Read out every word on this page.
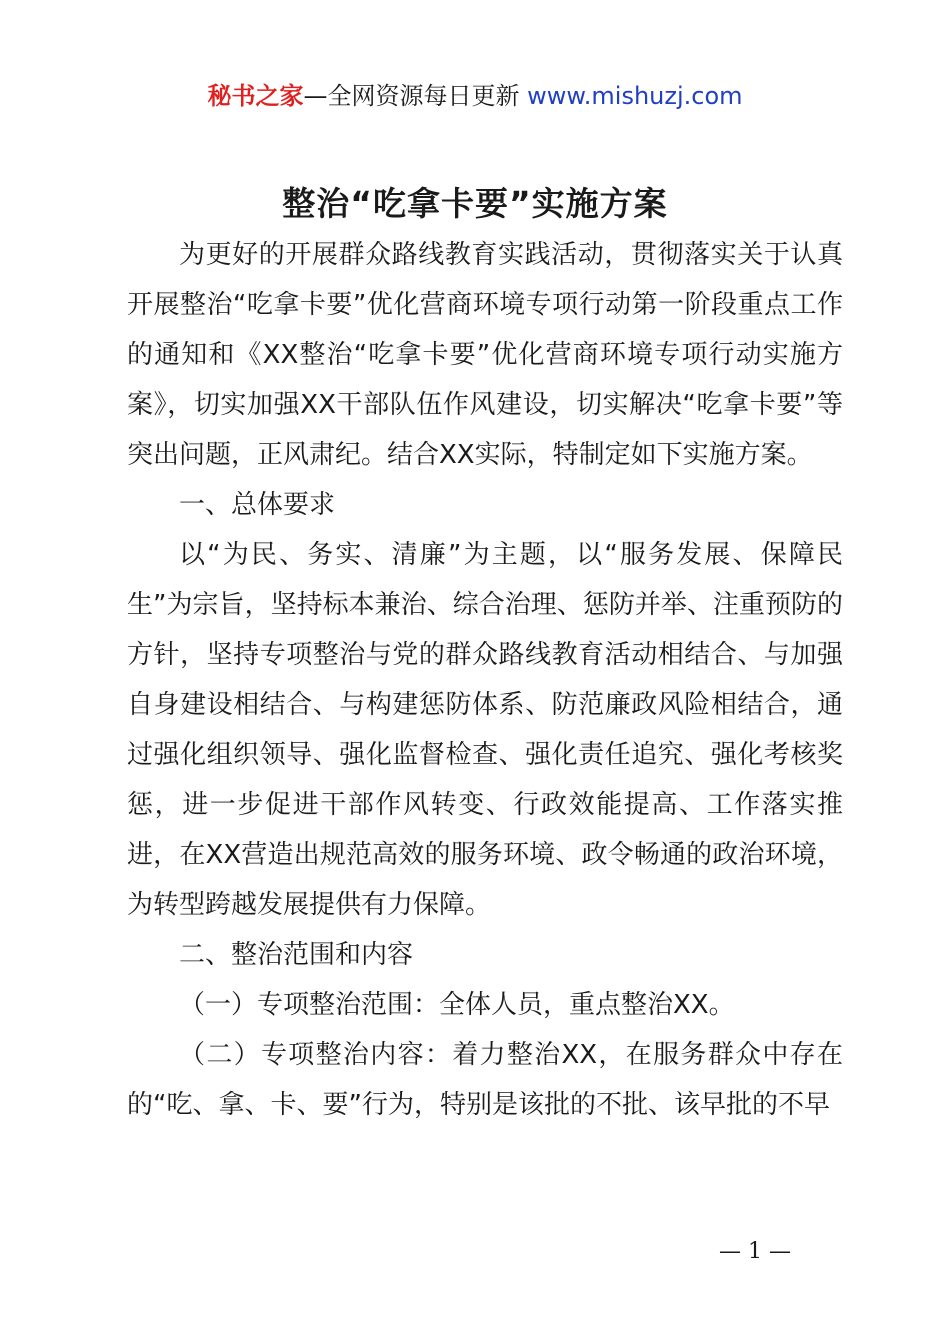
秘书之家—全网资源每日更新 www.mishuzj.com
整治“吃拿卡要”实施方案

为更好的开展群众路线教育实践活动，贯彻落实关于认真开展整治“吃拿卡要”优化营商环境专项行动第一阶段重点工作的通知和《XX整治“吃拿卡要”优化营商环境专项行动实施方案》，切实加强XX干部队伍作风建设，切实解决“吃拿卡要”等突出问题，正风肃纪。结合XX实际，特制定如下实施方案。

一、总体要求

以“为民、务实、清廉”为主题，以“服务发展、保障民生”为宗旨，坚持标本兼治、综合治理、惩防并举、注重预防的方针，坚持专项整治与党的群众路线教育活动相结合、与加强自身建设相结合、与构建惩防体系、防范廉政风险相结合，通过强化组织领导、强化监督检查、强化责任追究、强化考核奖惩，进一步促进干部作风转变、行政效能提高、工作落实推进，在XX营造出规范高效的服务环境、政令畅通的政治环境，为转型跨越发展提供有力保障。

二、整治范围和内容

（一）专项整治范围：全体人员，重点整治XX。

（二）专项整治内容：着力整治XX，在服务群众中存在的“吃、拿、卡、要”行为，特别是该批的不批、该早批的不早

— 1 —
